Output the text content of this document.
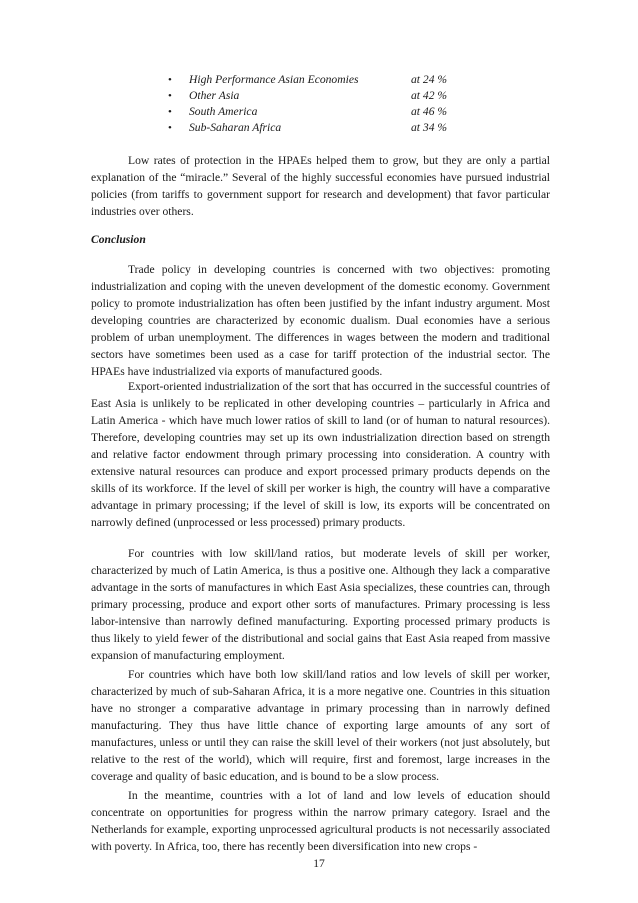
• High Performance Asian Economies	at 24 %
• Other Asia	at 42 %
• South America	at 46 %
• Sub-Saharan Africa	at 34 %

Low rates of protection in the HPAEs helped them to grow, but they are only a partial explanation of the “miracle.” Several of the highly successful economies have pursued industrial policies (from tariffs to government support for research and development) that favor particular industries over others.

Conclusion

Trade policy in developing countries is concerned with two objectives: promoting industrialization and coping with the uneven development of the domestic economy. Government policy to promote industrialization has often been justified by the infant industry argument. Most developing countries are characterized by economic dualism. Dual economies have a serious problem of urban unemployment. The differences in wages between the modern and traditional sectors have sometimes been used as a case for tariff protection of the industrial sector. The HPAEs have industrialized via exports of manufactured goods.

Export-oriented industrialization of the sort that has occurred in the successful countries of East Asia is unlikely to be replicated in other developing countries – particularly in Africa and Latin America - which have much lower ratios of skill to land (or of human to natural resources). Therefore, developing countries may set up its own industrialization direction based on strength and relative factor endowment through primary processing into consideration. A country with extensive natural resources can produce and export processed primary products depends on the skills of its workforce. If the level of skill per worker is high, the country will have a comparative advantage in primary processing; if the level of skill is low, its exports will be concentrated on narrowly defined (unprocessed or less processed) primary products.

For countries with low skill/land ratios, but moderate levels of skill per worker, characterized by much of Latin America, is thus a positive one. Although they lack a comparative advantage in the sorts of manufactures in which East Asia specializes, these countries can, through primary processing, produce and export other sorts of manufactures. Primary processing is less labor-intensive than narrowly defined manufacturing. Exporting processed primary products is thus likely to yield fewer of the distributional and social gains that East Asia reaped from massive expansion of manufacturing employment.

For countries which have both low skill/land ratios and low levels of skill per worker, characterized by much of sub-Saharan Africa, it is a more negative one. Countries in this situation have no stronger a comparative advantage in primary processing than in narrowly defined manufacturing. They thus have little chance of exporting large amounts of any sort of manufactures, unless or until they can raise the skill level of their workers (not just absolutely, but relative to the rest of the world), which will require, first and foremost, large increases in the coverage and quality of basic education, and is bound to be a slow process.

In the meantime, countries with a lot of land and low levels of education should concentrate on opportunities for progress within the narrow primary category. Israel and the Netherlands for example, exporting unprocessed agricultural products is not necessarily associated with poverty. In Africa, too, there has recently been diversification into new crops -

17
